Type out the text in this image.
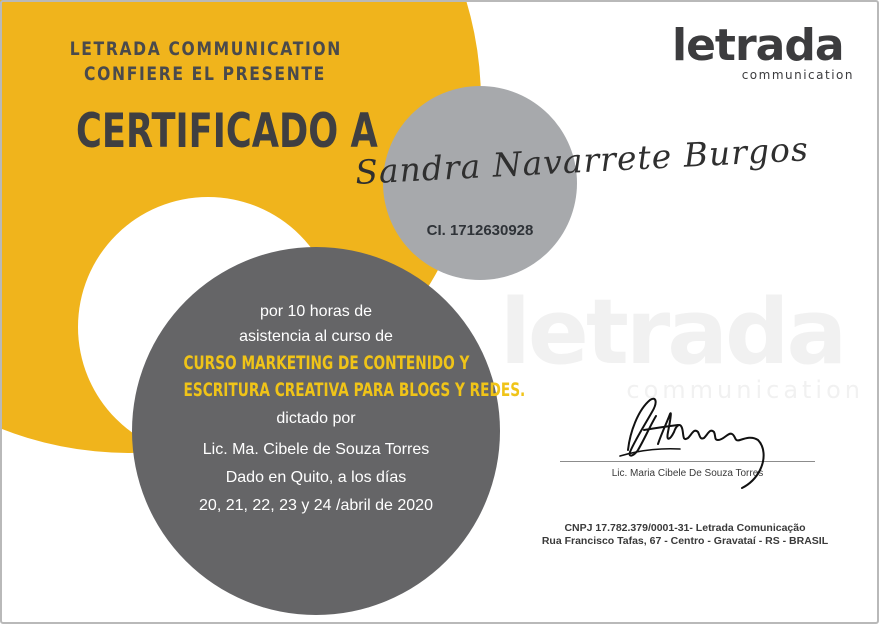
letrada
communication
LETRADA COMMUNICATION
CONFIERE EL PRESENTE
CERTIFICADO A
letrada
communication
Sandra Navarrete Burgos
CI. 1712630928
por 10 horas de
asistencia al curso de
CURSO MARKETING DE CONTENIDO Y
ESCRITURA CREATIVA PARA BLOGS Y REDES.
dictado por
Lic. Ma. Cibele de Souza Torres
Dado en Quito, a los días
20, 21, 22, 23 y 24 /abril de 2020
Lic. Maria Cibele De Souza Torres
CNPJ 17.782.379/0001-31- Letrada Comunicação
Rua Francisco Tafas, 67 - Centro - Gravataí - RS - BRASIL
